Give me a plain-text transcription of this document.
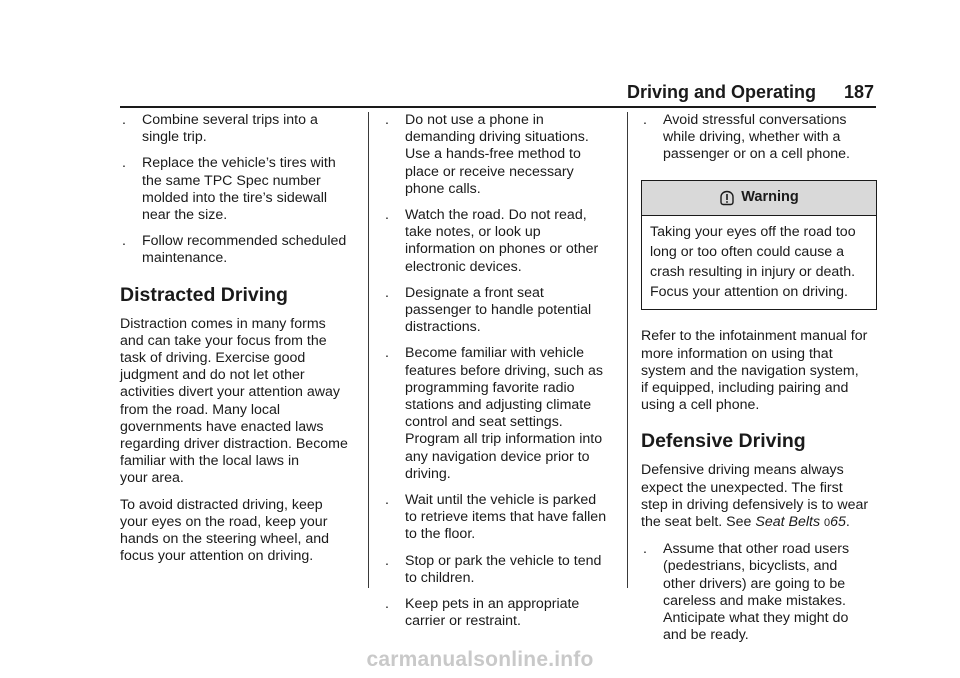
Driving and Operating 187
. Combine several trips into a
single trip.
. Replace the vehicle’s tires with
the same TPC Spec number
molded into the tire’s sidewall
near the size.
. Follow recommended scheduled
maintenance.
Distracted Driving

Distraction comes in many forms
and can take your focus from the
task of driving. Exercise good
judgment and do not let other
activities divert your attention away
from the road. Many local
governments have enacted laws
regarding driver distraction. Become
familiar with the local laws in
your area.

To avoid distracted driving, keep
your eyes on the road, keep your
hands on the steering wheel, and
focus your attention on driving.

. Do not use a phone in
demanding driving situations.
Use a hands-free method to
place or receive necessary
phone calls.
. Watch the road. Do not read,
take notes, or look up
information on phones or other
electronic devices.
. Designate a front seat
passenger to handle potential
distractions.
. Become familiar with vehicle
features before driving, such as
programming favorite radio
stations and adjusting climate
control and seat settings.
Program all trip information into
any navigation device prior to
driving.
. Wait until the vehicle is parked
to retrieve items that have fallen
to the floor.
. Stop or park the vehicle to tend
to children.
. Keep pets in an appropriate
carrier or restraint.
. Avoid stressful conversations
while driving, whether with a
passenger or on a cell phone.
Warning
Taking your eyes off the road too
long or too often could cause a
crash resulting in injury or death.
Focus your attention on driving.

Refer to the infotainment manual for
more information on using that
system and the navigation system,
if equipped, including pairing and
using a cell phone.

Defensive Driving

Defensive driving means always
expect the unexpected. The first
step in driving defensively is to wear
the seat belt. See Seat Belts 065.

. Assume that other road users
(pedestrians, bicyclists, and
other drivers) are going to be
careless and make mistakes.
Anticipate what they might do
and be ready.
carmanualsonline.info
